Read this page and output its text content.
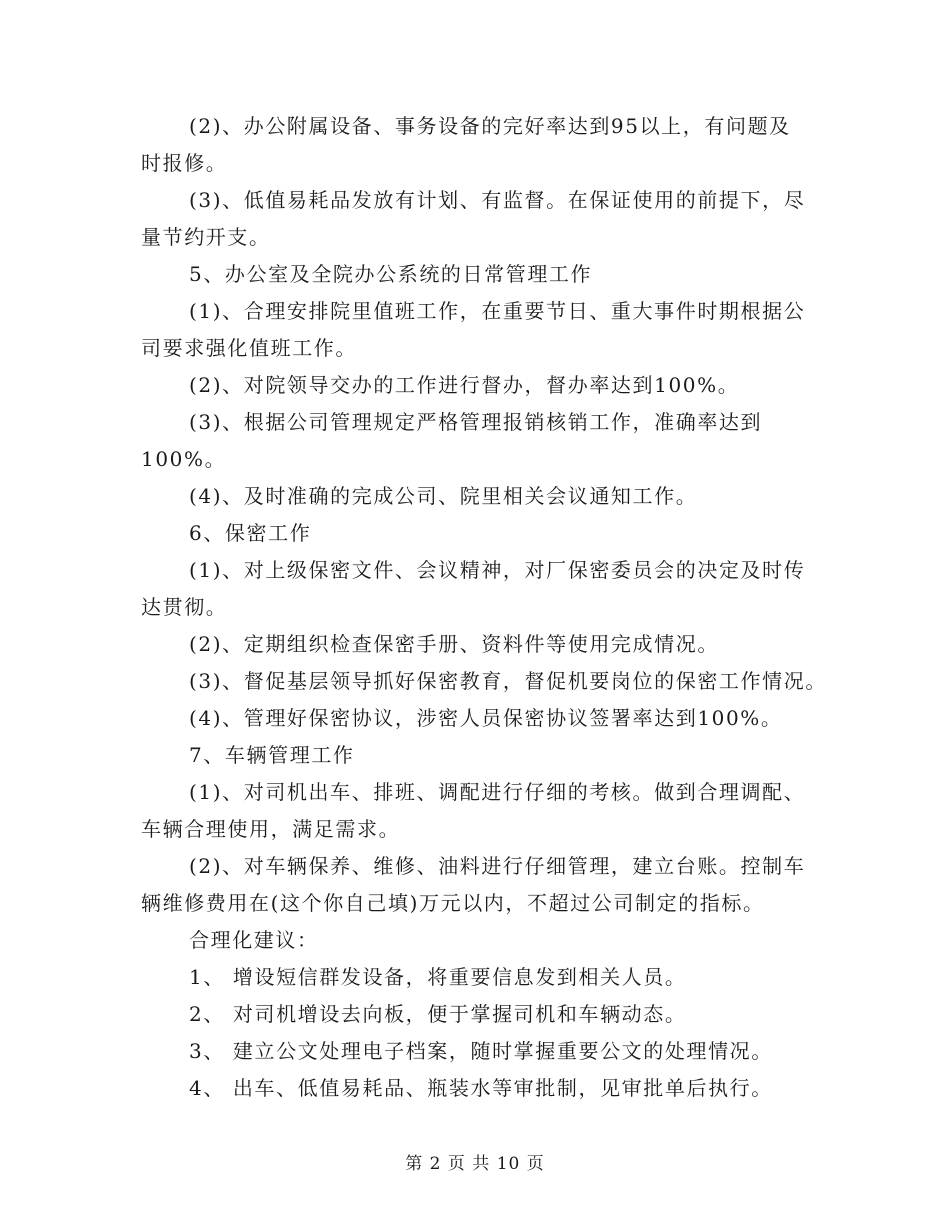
(2)、办公附属设备、事务设备的完好率达到95以上，有问题及
时报修。
(3)、低值易耗品发放有计划、有监督。在保证使用的前提下，尽
量节约开支。
5、办公室及全院办公系统的日常管理工作
(1)、合理安排院里值班工作，在重要节日、重大事件时期根据公
司要求强化值班工作。
(2)、对院领导交办的工作进行督办，督办率达到100%。
(3)、根据公司管理规定严格管理报销核销工作，准确率达到
100%。
(4)、及时准确的完成公司、院里相关会议通知工作。
6、保密工作
(1)、对上级保密文件、会议精神，对厂保密委员会的决定及时传
达贯彻。
(2)、定期组织检查保密手册、资料件等使用完成情况。
(3)、督促基层领导抓好保密教育，督促机要岗位的保密工作情况。
(4)、管理好保密协议，涉密人员保密协议签署率达到100%。
7、车辆管理工作
(1)、对司机出车、排班、调配进行仔细的考核。做到合理调配、
车辆合理使用，满足需求。
(2)、对车辆保养、维修、油料进行仔细管理，建立台账。控制车
辆维修费用在(这个你自己填)万元以内，不超过公司制定的指标。
合理化建议：
1、 增设短信群发设备，将重要信息发到相关人员。
2、 对司机增设去向板，便于掌握司机和车辆动态。
3、 建立公文处理电子档案，随时掌握重要公文的处理情况。
4、 出车、低值易耗品、瓶装水等审批制，见审批单后执行。
第 2 页 共 10 页
